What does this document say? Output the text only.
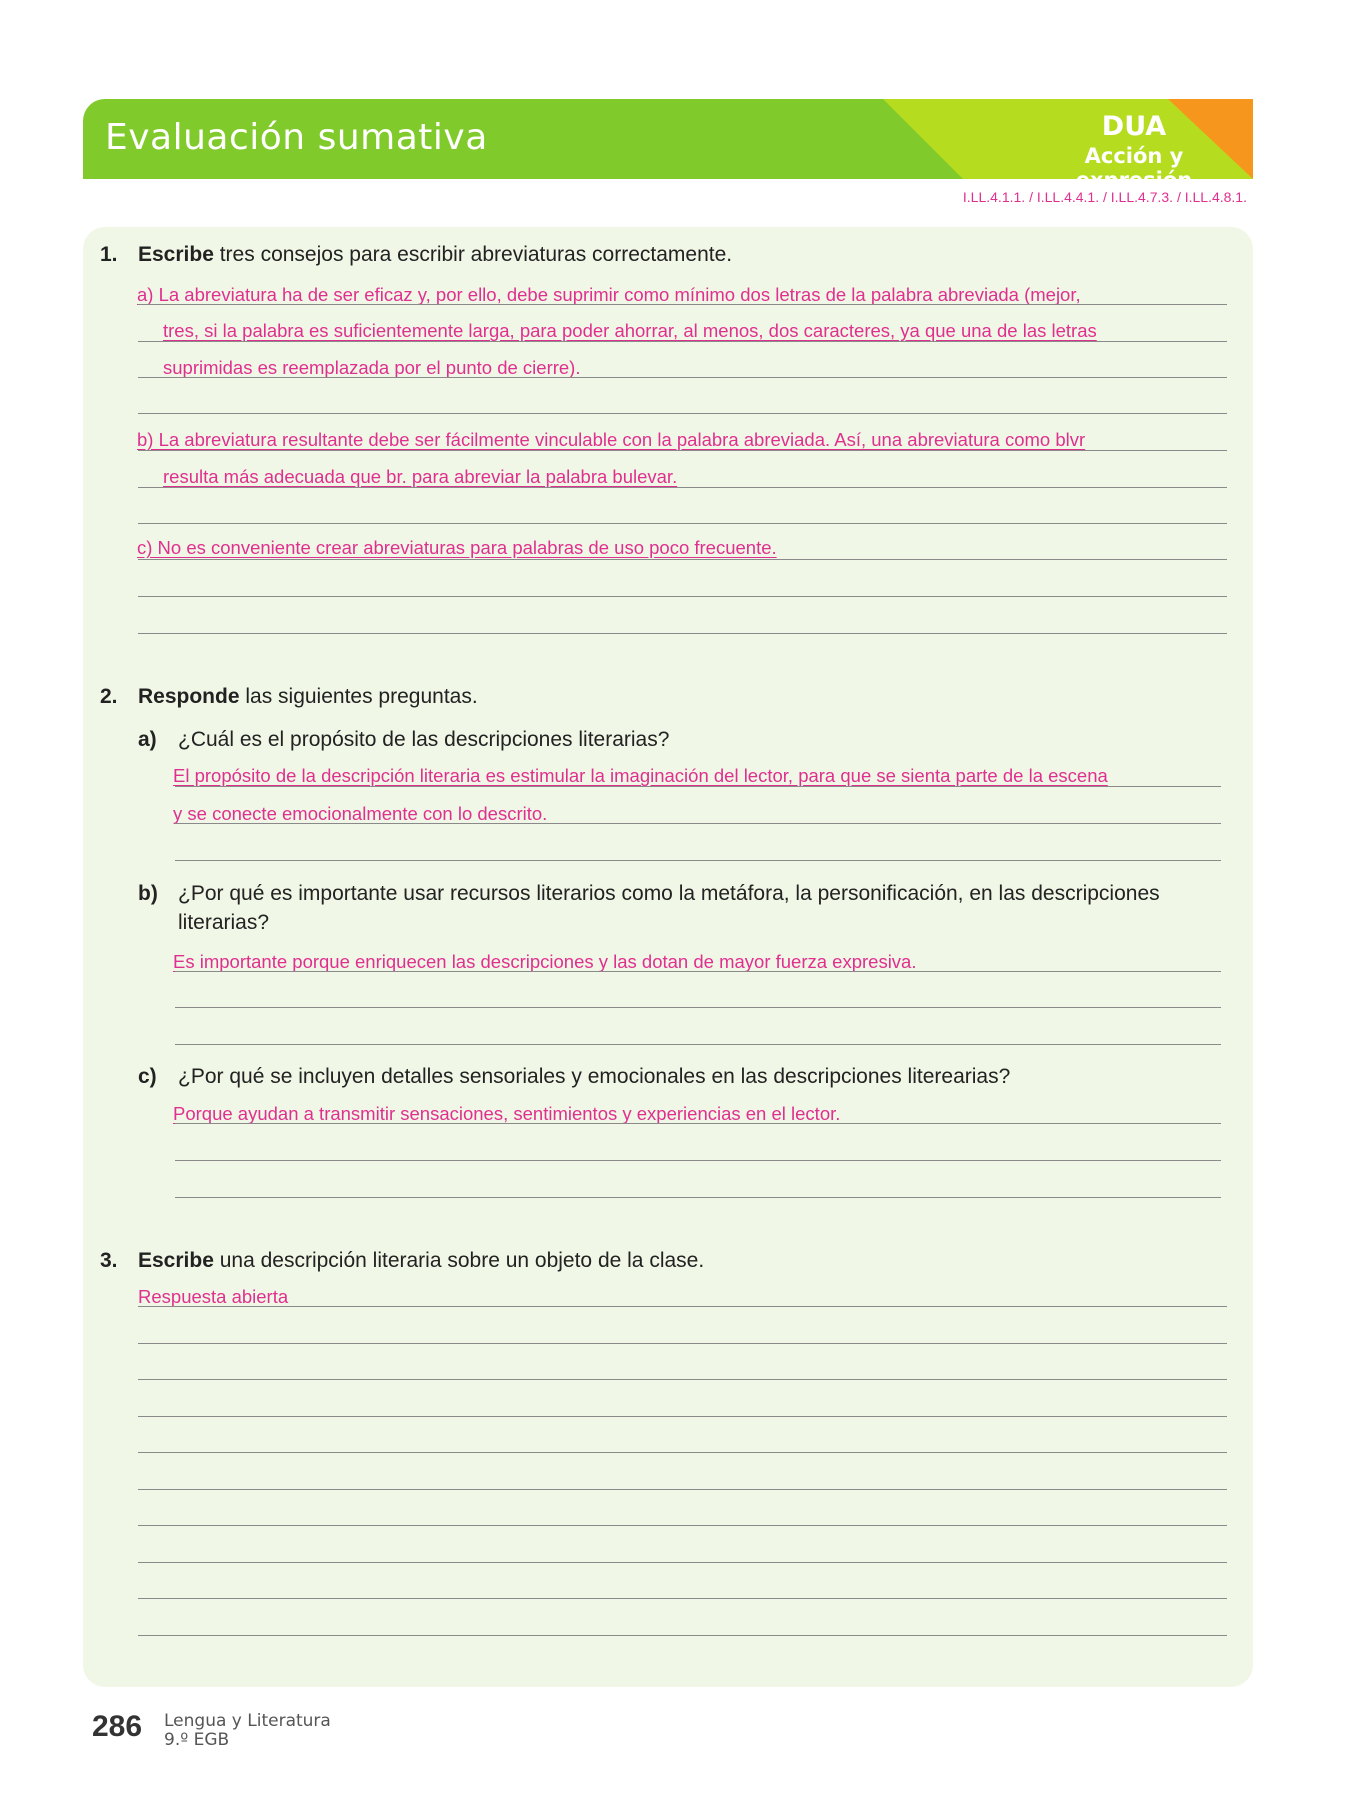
Evaluación sumativa	DUA
Acción y expresión
I.LL.4.1.1. / I.LL.4.4.1. / I.LL.4.7.3. / I.LL.4.8.1.
1. Escribe tres consejos para escribir abreviaturas correctamente.
a) La abreviatura ha de ser eficaz y, por ello, debe suprimir como mínimo dos letras de la palabra abreviada (mejor,
tres, si la palabra es suficientemente larga, para poder ahorrar, al menos, dos caracteres, ya que una de las letras
suprimidas es reemplazada por el punto de cierre).
b) La abreviatura resultante debe ser fácilmente vinculable con la palabra abreviada. Así, una abreviatura como blvr
resulta más adecuada que br. para abreviar la palabra bulevar.
c) No es conveniente crear abreviaturas para palabras de uso poco frecuente.
2. Responde las siguientes preguntas.
a) ¿Cuál es el propósito de las descripciones literarias?
El propósito de la descripción literaria es estimular la imaginación del lector, para que se sienta parte de la escena
y se conecte emocionalmente con lo descrito.
b) ¿Por qué es importante usar recursos literarios como la metáfora, la personificación, en las descripciones
literarias?
Es importante porque enriquecen las descripciones y las dotan de mayor fuerza expresiva.
c) ¿Por qué se incluyen detalles sensoriales y emocionales en las descripciones literearias?
Porque ayudan a transmitir sensaciones, sentimientos y experiencias en el lector.
3. Escribe una descripción literaria sobre un objeto de la clase.
Respuesta abierta
286 Lengua y Literatura
9.º EGB
